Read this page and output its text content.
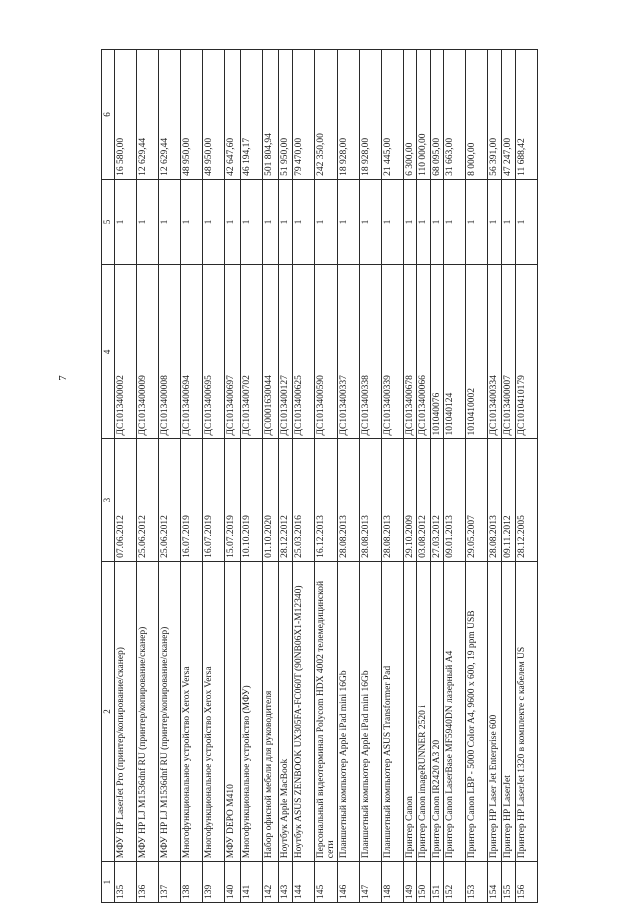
7
1	2	3	4	5	6
135	МФУ HP LaserJet Pro (принтер/копирование/сканер)	07.06.2012	ДС1013400002	1	16 580,00
136	МФУ HP LJ M1536dnf RU (принтер/копирование/сканер)	25.06.2012	ДС1013400009	1	12 629,44
137	МФУ HP LJ M1536dnf RU (принтер/копирование/сканер)	25.06.2012	ДС1013400008	1	12 629,44
138	Многофункциональное устройство Xerox Versa	16.07.2019	ДС1013400694	1	48 950,00
139	Многофункциональное устройство Xerox Versa	16.07.2019	ДС1013400695	1	48 950,00
140	МФУ DEPO M410	15.07.2019	ДС1013400697	1	42 647,60
141	Многофункциональное устройство (МФУ)	10.10.2019	ДС1013400702	1	46 194,17
142	Набор офисной мебели для руководителя	01.10.2020	ДС0001630044	1	501 804,94
143	Ноутбук Apple MacBook	28.12.2012	ДС1013400127	1	51 950,00
144	Ноутбук ASUS ZENBOOK UX305FA-FC060T (90NB06X1-M12340)	25.03.2016	ДС1013400625	1	79 470,00
145	Персональный видеотерминал Polycom HDX 4002 телемедицинской сети	16.12.2013	ДС1013400590	1	242 350,00
146	Планшетный компьютер Apple iPad mini 16Gb	28.08.2013	ДС1013400337	1	18 928,00
147	Планшетный компьютер Apple iPad mini 16Gb	28.08.2013	ДС1013400338	1	18 928,00
148	Планшетный компьютер ASUS Transformer Pad	28.08.2013	ДС1013400339	1	21 445,00
149	Принтер Canon	29.10.2009	ДС1013400678	1	6 300,00
150	Принтер Canon imageRUNNER 2520 i	03.08.2012	ДС1013400066	1	110 000,00
151	Принтер Canon IR2420 A3 20	27.03.2012	101040076	1	68 095,00
152	Принтер Canon LaserBase MF5940DN лазерный A4	09.01.2013	101040124	1	31 663,00
153	Принтер Canon LBP - 5000 Color A4, 9600 x 600, 19 ppm USB	29.05.2007	1010410002	1	8 000,00
154	Принтер HP Laser Jet Enterprise 600	28.08.2013	ДС1013400334	1	56 391,00
155	Принтер HP LaserJet	09.11.2012	ДС1013400007	1	47 247,00
156	Принтер HP LaserJet 1320 в комплекте с кабелем US	28.12.2005	ДС1010410179	1	11 688,42
